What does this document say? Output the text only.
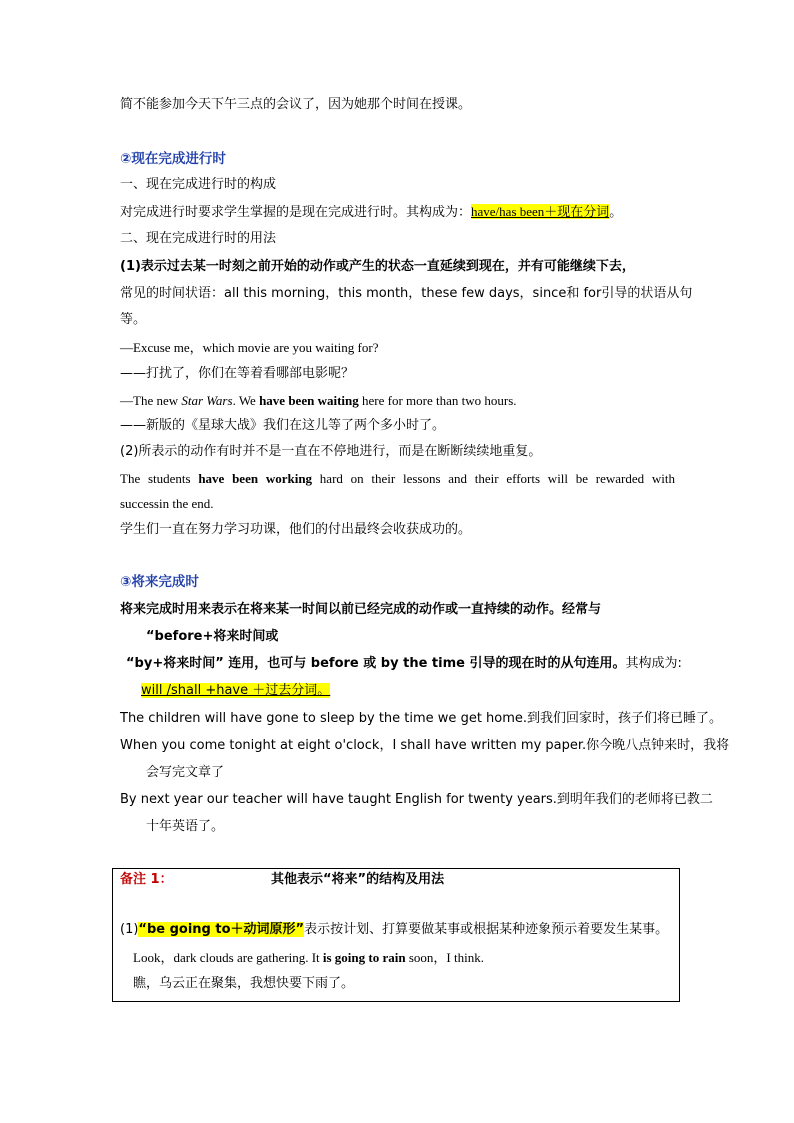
简不能参加今天下午三点的会议了，因为她那个时间在授课。
②现在完成进行时
一、现在完成进行时的构成
对完成进行时要求学生掌握的是现在完成进行时。其构成为：have/has been＋现在分词。
二、现在完成进行时的用法
(1)表示过去某一时刻之前开始的动作或产生的状态一直延续到现在，并有可能继续下去，
常见的时间状语：all this morning，this month，these few days，since和 for引导的状语从句
等。
—Excuse me，which movie are you waiting for?
——打扰了，你们在等着看哪部电影呢？
—The new Star Wars. We have been waiting here for more than two hours.
——新版的《星球大战》我们在这儿等了两个多小时了。
(2)所表示的动作有时并不是一直在不停地进行，而是在断断续续地重复。
The students have been working hard on their lessons and their efforts will be rewarded with
successin the end.
学生们一直在努力学习功课，他们的付出最终会收获成功的。
③将来完成时
将来完成时用来表示在将来某一时间以前已经完成的动作或一直持续的动作。经常与
“before+将来时间或
“by+将来时间” 连用，也可与 before 或 by the time 引导的现在时的从句连用。其构成为:
will /shall +have ＋过去分词。
The children will have gone to sleep by the time we get home.到我们回家时，孩子们将已睡了。
When you come tonight at eight o'clock，I shall have written my paper.你今晚八点钟来时，我将
会写完文章了
By next year our teacher will have taught English for twenty years.到明年我们的老师将已教二
十年英语了。
备注 1：	其他表示“将来”的结构及用法
(1)“be going to＋动词原形”表示按计划、打算要做某事或根据某种迹象预示着要发生某事。
Look，dark clouds are gathering. It is going to rain soon，I think.
瞧，乌云正在聚集，我想快要下雨了。
